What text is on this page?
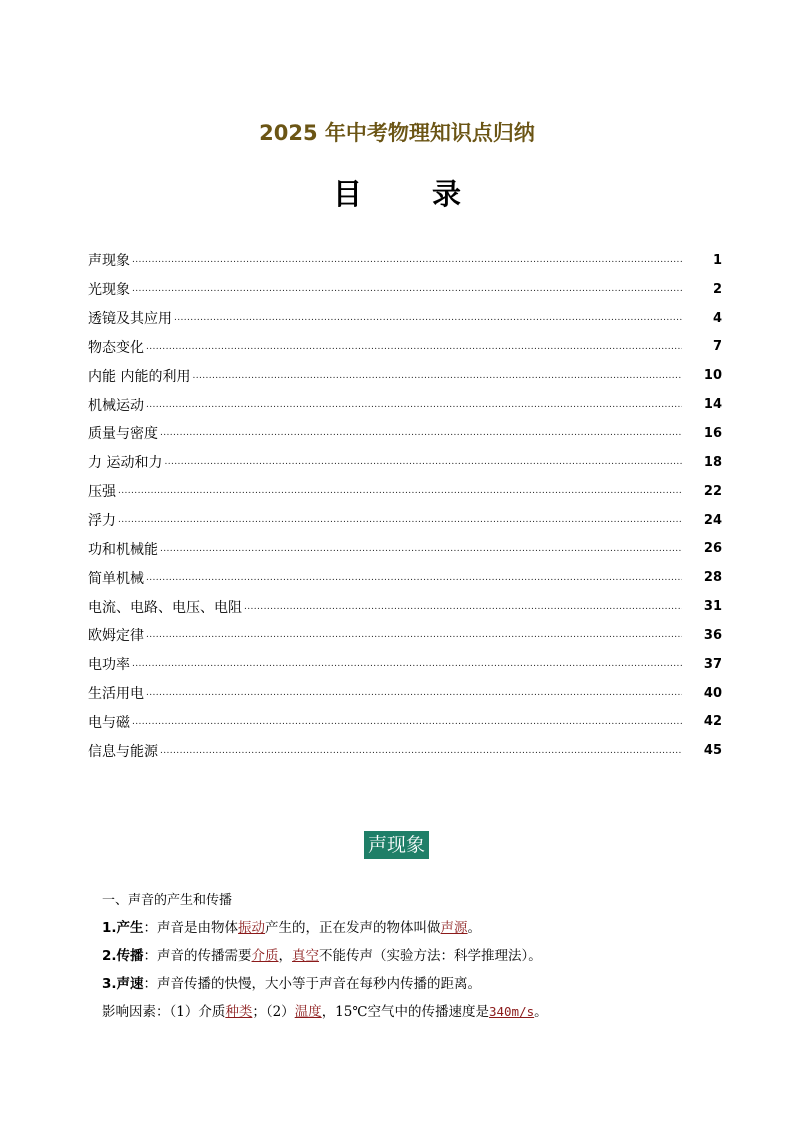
2025 年中考物理知识点归纳
目 录
声现象 .....	1
光现象 .....	2
透镜及其应用 .....	4
物态变化 .....	7
内能 内能的利用 .....	10
机械运动 .....	14
质量与密度 .....	16
力 运动和力 .....	18
压强 .....	22
浮力 .....	24
功和机械能 .....	26
简单机械 .....	28
电流、电路、电压、电阻 .....	31
欧姆定律 .....	36
电功率 .....	37
生活用电 .....	40
电与磁 .....	42
信息与能源 .....	45
声现象
一、声音的产生和传播
1.产生：声音是由物体振动产生的，正在发声的物体叫做声源。
2.传播：声音的传播需要介质，真空不能传声（实验方法：科学推理法）。
3.声速：声音传播的快慢，大小等于声音在每秒内传播的距离。
影响因素：（1）介质种类；（2）温度，15℃空气中的传播速度是340m/s。
